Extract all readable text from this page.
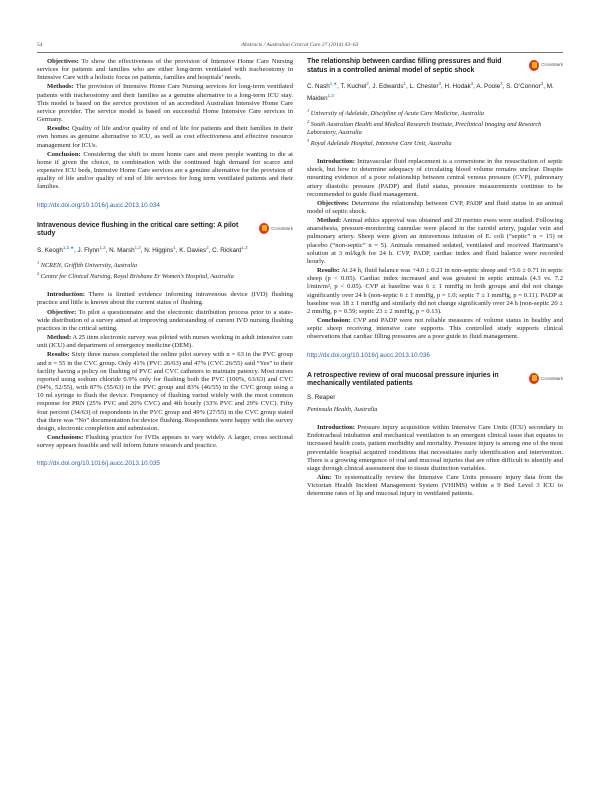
54	Abstracts / Australian Critical Care 27 (2014) 43–63

Objectives: To show the effectiveness of the provision of Intensive Home Care Nursing services for patients and families who are either long-term ventilated with tracheostomy in Intensive Care with a holistic focus on patients, families and hospitals’ needs.

Methods: The provision of Intensive Home Care Nursing services for long-term ventilated patients with tracheostomy and their families as a genuine alternative to a long-term ICU stay. This model is based on the service provision of an accredited Australian Intensive Home Care service provider. The service model is based on successful Home Intensive Care services in Germany.

Results: Quality of life and/or quality of end of life for patients and their families in their own homes as genuine alternative to ICU, as well as cost effectiveness and effective resource management for ICUs.

Conclusion: Considering the shift to more home care and more people wanting to die at home if given the choice, in combination with the continued high demand for scarce and expensive ICU beds, Intensive Home Care services are a genuine alternative for the provision of quality of life and/or quality of end of life services for long term ventilated patients and their families.

http://dx.doi.org/10.1016/j.aucc.2013.10.034

Intravenous device flushing in the critical care setting: A pilot study
CrossMark
S. Keogh$^{1,2,∗}$, J. Flynn$^{1,2}$, N. Marsh$^{1,2}$, N. Higgins$^1$, K. Davies$^2$, C. Rickard$^{1,2}$

$^1$ NCREN, Griffith University, Australia

$^2$ Centre for Clinical Nursing, Royal Brisbane Er Women’s Hospital, Australia

Introduction: There is limited evidence informing intravenous device (IVD) flushing practice and little is known about the current status of flushing.

Objective: To pilot a questionnaire and the electronic distribution process prior to a state-wide distribution of a survey aimed at improving understanding of current IVD nursing flushing practices in the critical setting.

Method: A 25 item electronic survey was piloted with nurses working in adult intensive care unit (ICU) and department of emergency medicine (DEM).

Results: Sixty three nurses completed the online pilot survey with n = 63 in the PVC group and n = 55 in the CVC group. Only 41% (PVC 26/63) and 47% (CVC 26/55) said “Yes” to their facility having a policy on flushing of PVC and CVC catheters to maintain patency. Most nurses reported using sodium chloride 0.9% only for flushing both the PVC (100%, 63/63) and CVC (94%, 52/55), with 87% (55/63) in the PVC group and 83% (46/55) in the CVC group using a 10 ml syringe to flush the device. Frequency of flushing varied widely with the most common response for PRN (25% PVC and 20% CVC) and 4th hourly (33% PVC and 29% CVC). Fifty four percent (34/63) of respondents in the PVC group and 49% (27/55) in the CVC group stated that there was “No” documentation for device flushing. Respondents were happy with the survey design, electronic completion and submission.

Conclusions: Flushing practice for IVDs appears to vary widely. A larger, cross sectional survey appears feasible and will inform future research and practice.

http://dx.doi.org/10.1016/j.aucc.2013.10.035

The relationship between cardiac filling pressures and fluid status in a controlled animal model of septic shock
CrossMark
C. Nash$^{1,∗}$, T. Kuchel$^2$, J. Edwards$^1$, L. Chester$^3$, H. Hodak$^3$, A. Poole$^3$, S. O’Connor$^3$, M. Maiden$^{1,3}$

$^1$ University of Adelaide, Discipline of Acute Care Medicine, Australia

$^2$ South Australian Health and Medical Research Institute, Preclinical Imaging and Research Laboratory, Australia

$^3$ Royal Adelaide Hospital, Intensive Care Unit, Australia

Introduction: Intravascular fluid replacement is a cornerstone in the resuscitation of septic shock, but how to determine adequacy of circulating blood volume remains unclear. Despite mounting evidence of a poor relationship between central venous pressure (CVP), pulmonary artery diastolic pressure (PADP) and fluid status, pressure measurements continue to be recommended to guide fluid management.

Objectives: Determine the relationship between CVP, PADP and fluid status in an animal model of septic shock.

Method: Animal ethics approval was obtained and 20 merino ewes were studied. Following anaesthesia, pressure-monitoring cannulae were placed in the carotid artery, jugular vein and pulmonary artery. Sheep were given an intravenous infusion of E. coli (“septic” n = 15) or placebo (“non-septic” n = 5). Animals remained sedated, ventilated and received Hartmann’s solution at 3 ml/kg/h for 24 h. CVP, PADP, cardiac index and fluid balance were recorded hourly.

Results: At 24 h, fluid balance was +4.0 ± 0.21 in non-septic sheep and +5.6 ± 0.71 in septic sheep (p < 0.05). Cardiac index increased and was greatest in septic animals (4.3 vs. 7.2 l/min/m², p < 0.05). CVP at baseline was 6 ± 1 mmHg in both groups and did not change significantly over 24 h (non-septic 6 ± 1 mmHg, p = 1.0; septic 7 ± 1 mmHg, p = 0.11). PADP at baseline was 18 ± 1 mmHg and similarly did not change significantly over 24 h (non-septic 20 ± 2 mmHg, p = 0.59; septic 23 ± 2 mmHg, p = 0.13).

Conclusion: CVP and PADP were not reliable measures of volume status in healthy and septic sheep receiving intensive care supports. This controlled study supports clinical observations that cardiac filling pressures are a poor guide to fluid management.

http://dx.doi.org/10.1016/j.aucc.2013.10.036

A retrospective review of oral mucosal pressure injuries in mechanically ventilated patients
CrossMark
S. Reaper

Peninsula Health, Australia

Introduction: Pressure injury acquisition within Intensive Care Units (ICU) secondary to Endotracheal intubation and mechanical ventilation is an emergent clinical issue that equates to increased health costs, patient morbidity and mortality. Pressure injury is among one of the most preventable hospital acquired conditions that necessitates early identification and intervention. There is a growing emergence of oral and mucosal injuries that are often difficult to identify and stage through clinical assessment due to tissue distinction variables.

Aim: To systematically review the Intensive Care Units pressure injury data from the Victorian Health Incident Management System (VHIMS) within a 9 Bed Level 3 ICU to determine rates of lip and mucosal injury in ventilated patients.
